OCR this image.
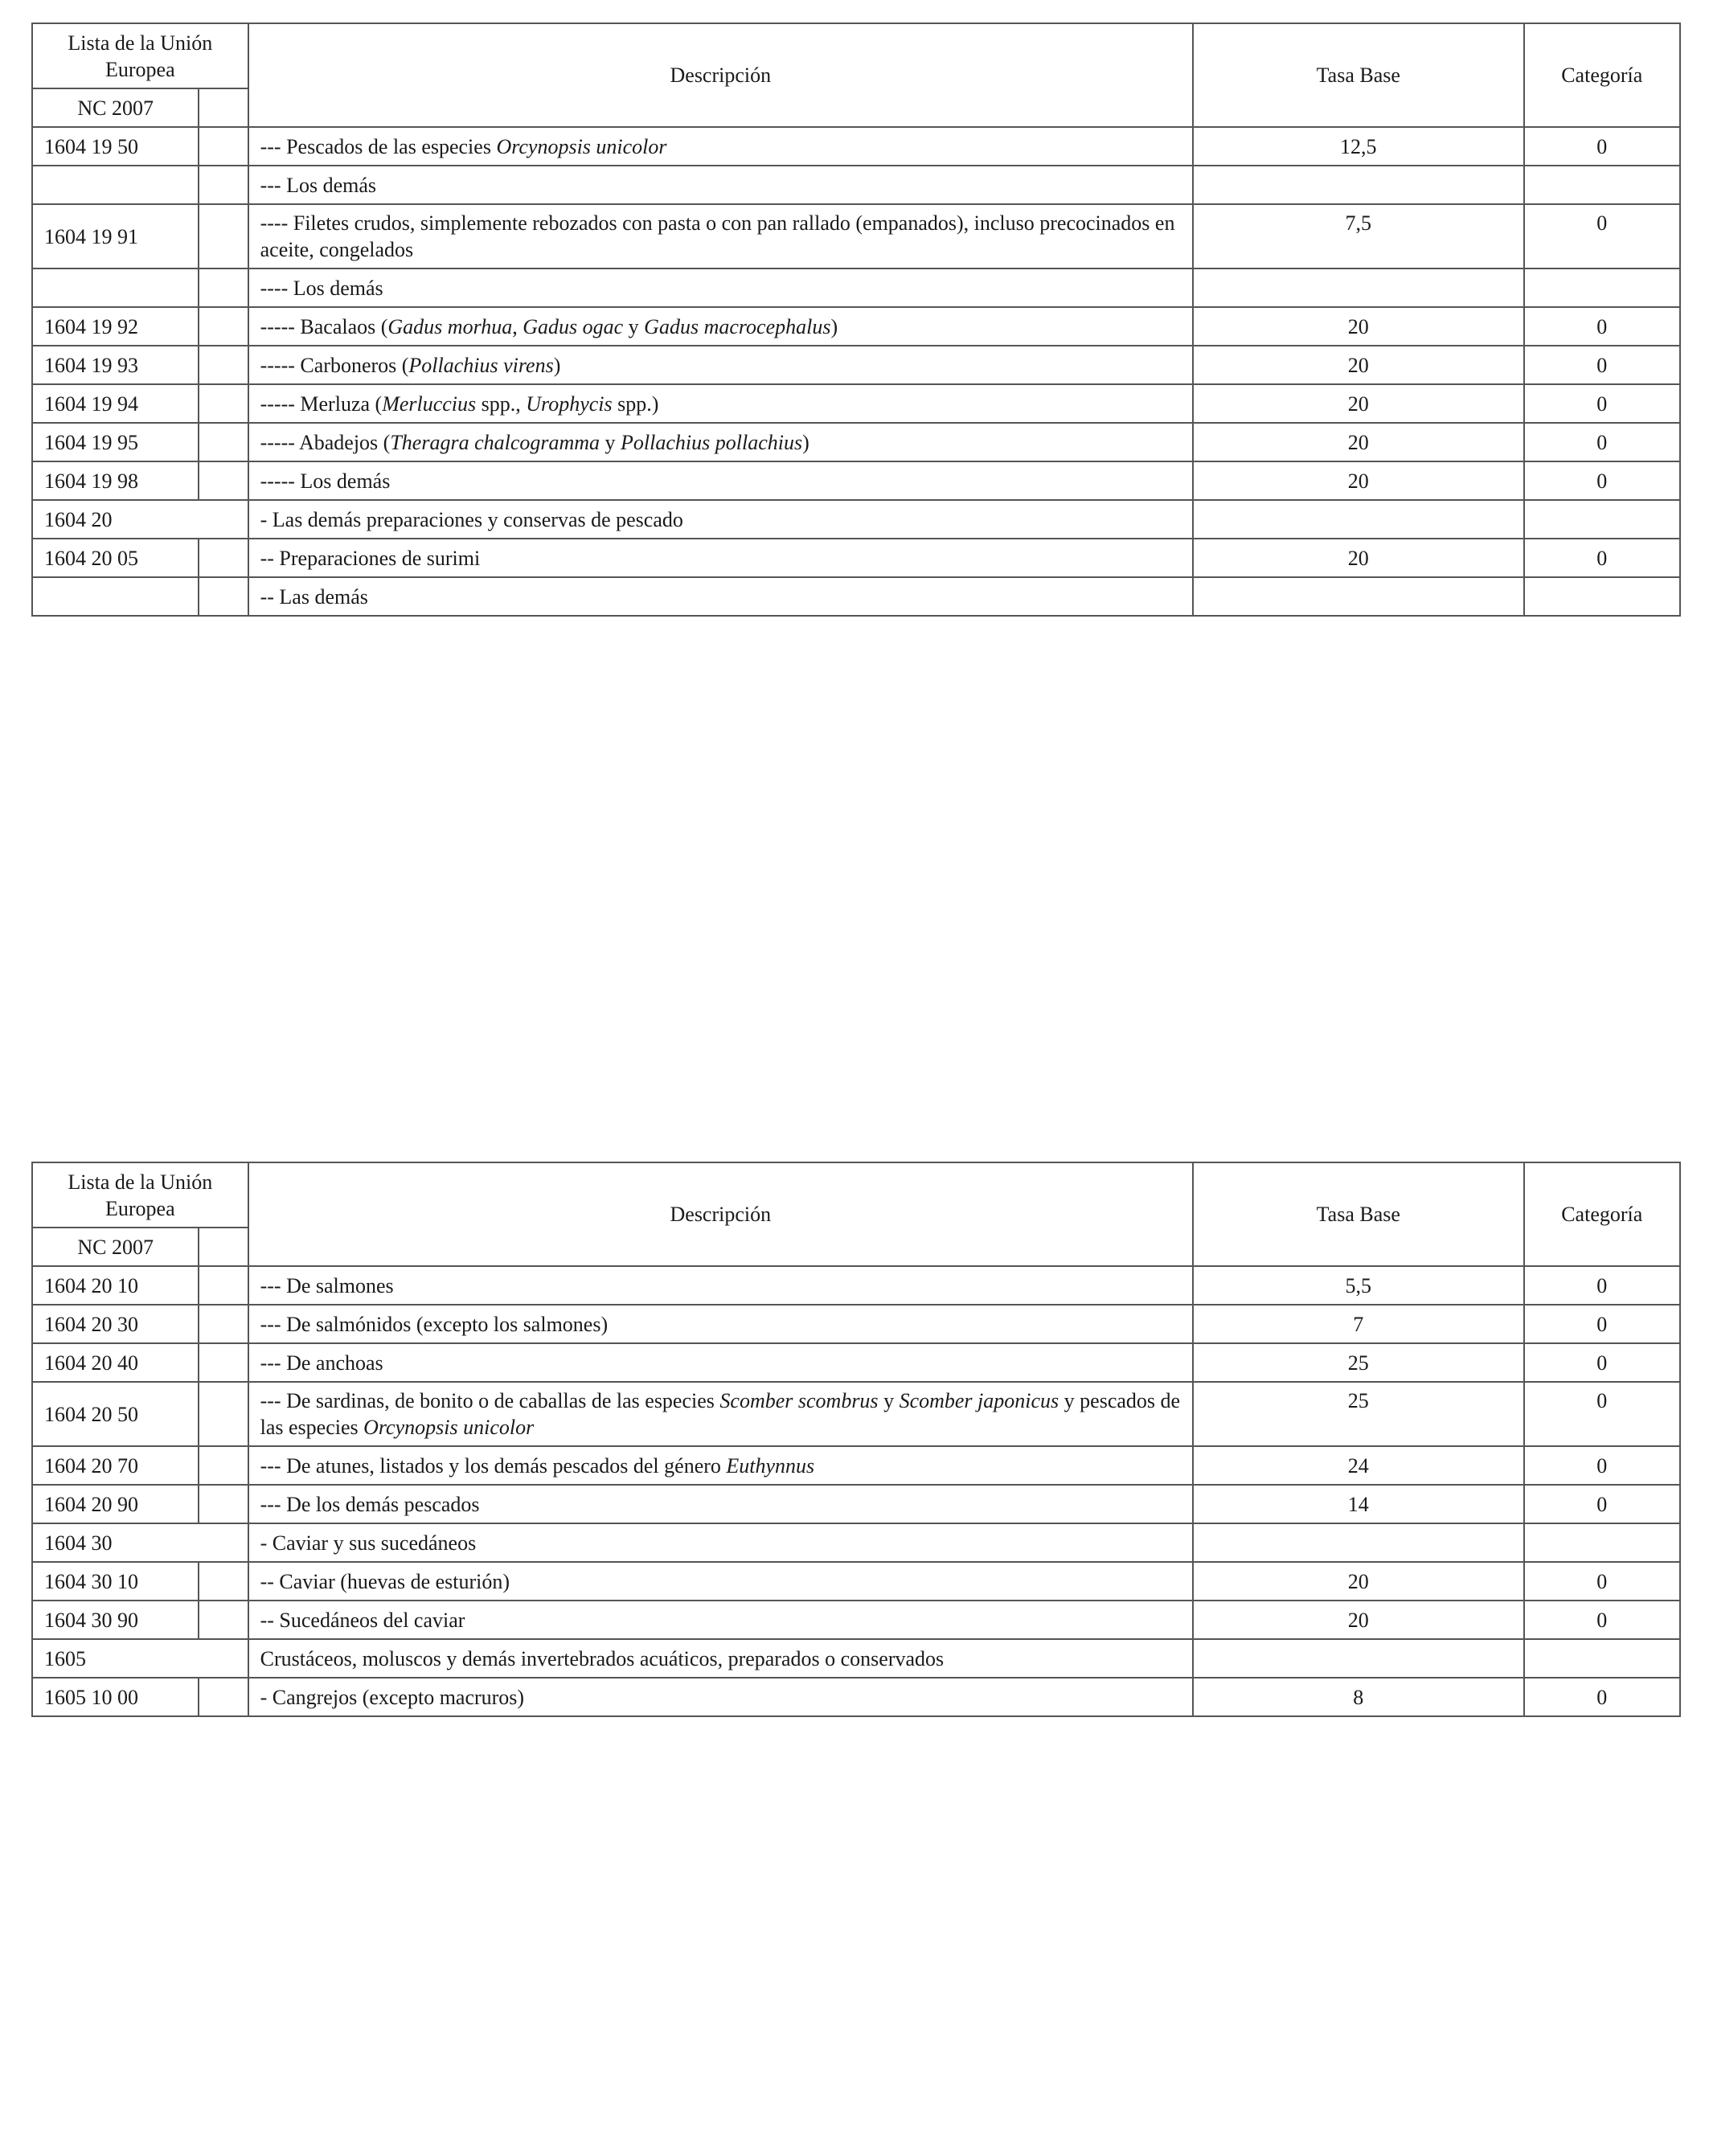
Lista de la Unión Europea		Descripción	Tasa Base	Categoría
NC 2007				
1604 19 50		--- Pescados de las especies Orcynopsis unicolor	12,5	0
		--- Los demás		
1604 19 91		---- Filetes crudos, simplemente rebozados con pasta o con pan rallado (empanados), incluso precocinados en aceite, congelados	7,5	0
		---- Los demás		
1604 19 92		----- Bacalaos (Gadus morhua, Gadus ogac y Gadus macrocephalus)	20	0
1604 19 93		----- Carboneros (Pollachius virens)	20	0
1604 19 94		----- Merluza (Merluccius spp., Urophycis spp.)	20	0
1604 19 95		----- Abadejos (Theragra chalcogramma y Pollachius pollachius)	20	0
1604 19 98		----- Los demás	20	0
1604 20		- Las demás preparaciones y conservas de pescado		
1604 20 05		-- Preparaciones de surimi	20	0
		-- Las demás		
Lista de la Unión Europea		Descripción	Tasa Base	Categoría
NC 2007				
1604 20 10		--- De salmones	5,5	0
1604 20 30		--- De salmónidos (excepto los salmones)	7	0
1604 20 40		--- De anchoas	25	0
1604 20 50		--- De sardinas, de bonito o de caballas de las especies Scomber scombrus y Scomber japonicus y pescados de las especies Orcynopsis unicolor	25	0
1604 20 70		--- De atunes, listados y los demás pescados del género Euthynnus	24	0
1604 20 90		--- De los demás pescados	14	0
1604 30		- Caviar y sus sucedáneos		
1604 30 10		-- Caviar (huevas de esturión)	20	0
1604 30 90		-- Sucedáneos del caviar	20	0
1605		Crustáceos, moluscos y demás invertebrados acuáticos, preparados o conservados		
1605 10 00		- Cangrejos (excepto macruros)	8	0
